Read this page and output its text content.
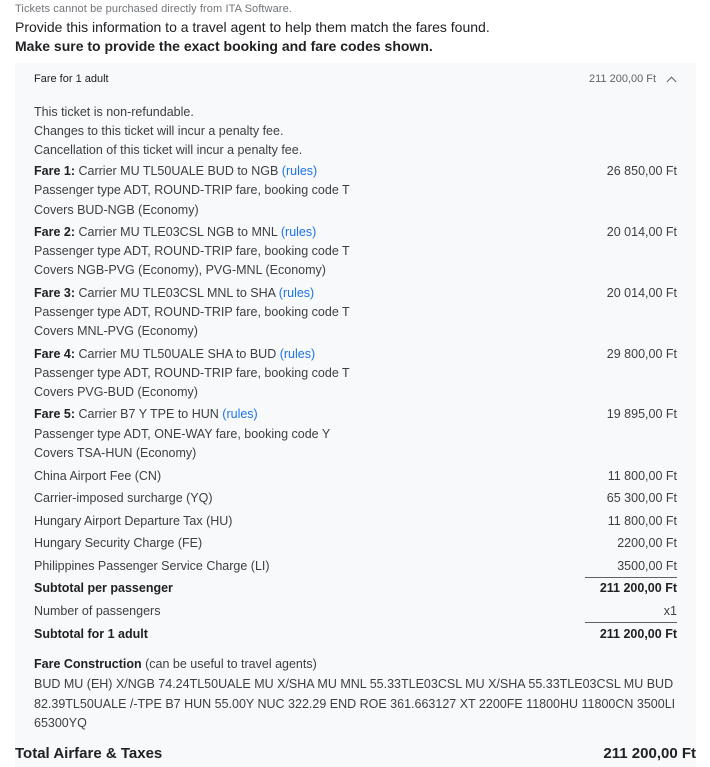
Tickets cannot be purchased directly from ITA Software.
Provide this information to a travel agent to help them match the fares found.
Make sure to provide the exact booking and fare codes shown.
Fare for 1 adult	211 200,00 Ft
This ticket is non-refundable.
Changes to this ticket will incur a penalty fee.
Cancellation of this ticket will incur a penalty fee.
Fare 1: Carrier MU TL50UALE BUD to NGB (rules)	26 850,00 Ft
Passenger type ADT, ROUND-TRIP fare, booking code T
Covers BUD-NGB (Economy)
Fare 2: Carrier MU TLE03CSL NGB to MNL (rules)	20 014,00 Ft
Passenger type ADT, ROUND-TRIP fare, booking code T
Covers NGB-PVG (Economy), PVG-MNL (Economy)
Fare 3: Carrier MU TLE03CSL MNL to SHA (rules)	20 014,00 Ft
Passenger type ADT, ROUND-TRIP fare, booking code T
Covers MNL-PVG (Economy)
Fare 4: Carrier MU TL50UALE SHA to BUD (rules)	29 800,00 Ft
Passenger type ADT, ROUND-TRIP fare, booking code T
Covers PVG-BUD (Economy)
Fare 5: Carrier B7 Y TPE to HUN (rules)	19 895,00 Ft
Passenger type ADT, ONE-WAY fare, booking code Y
Covers TSA-HUN (Economy)
China Airport Fee (CN)	11 800,00 Ft
Carrier-imposed surcharge (YQ)	65 300,00 Ft
Hungary Airport Departure Tax (HU)	11 800,00 Ft
Hungary Security Charge (FE)	2200,00 Ft
Philippines Passenger Service Charge (LI)	3500,00 Ft
Subtotal per passenger	211 200,00 Ft
Number of passengers	x1
Subtotal for 1 adult	211 200,00 Ft
Fare Construction (can be useful to travel agents)
BUD MU (EH) X/NGB 74.24TL50UALE MU X/SHA MU MNL 55.33TLE03CSL MU X/SHA 55.33TLE03CSL MU BUD 82.39TL50UALE /-TPE B7 HUN 55.00Y NUC 322.29 END ROE 361.663127 XT 2200FE 11800HU 11800CN 3500LI 65300YQ
Total Airfare & Taxes	211 200,00 Ft
